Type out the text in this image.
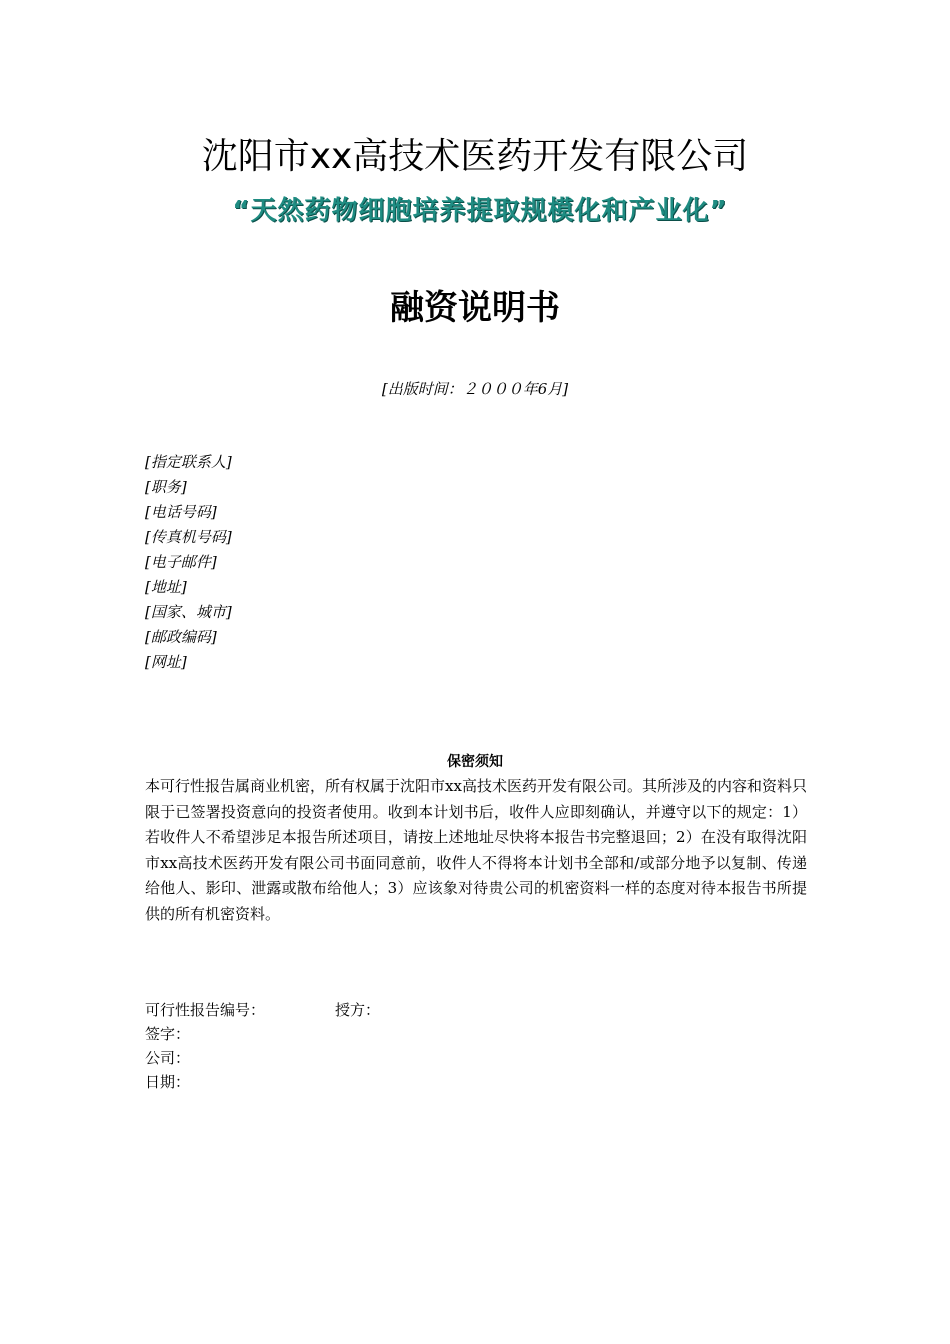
沈阳市xx高技术医药开发有限公司
“天然药物细胞培养提取规模化和产业化”
融资说明书
[出版时间：２０００年6月]
[指定联系人]
[职务]
[电话号码]
[传真机号码]
[电子邮件]
[地址]
[国家、城市]
[邮政编码]
[网址]
保密须知
本可行性报告属商业机密，所有权属于沈阳市xx高技术医药开发有限公司。其所涉及的内容和资料只限于已签署投资意向的投资者使用。收到本计划书后，收件人应即刻确认，并遵守以下的规定：1）若收件人不希望涉足本报告所述项目，请按上述地址尽快将本报告书完整退回；2）在没有取得沈阳市xx高技术医药开发有限公司书面同意前，收件人不得将本计划书全部和/或部分地予以复制、传递给他人、影印、泄露或散布给他人；3）应该象对待贵公司的机密资料一样的态度对待本报告书所提供的所有机密资料。
可行性报告编号：	授方：
签字：
公司：
日期：
